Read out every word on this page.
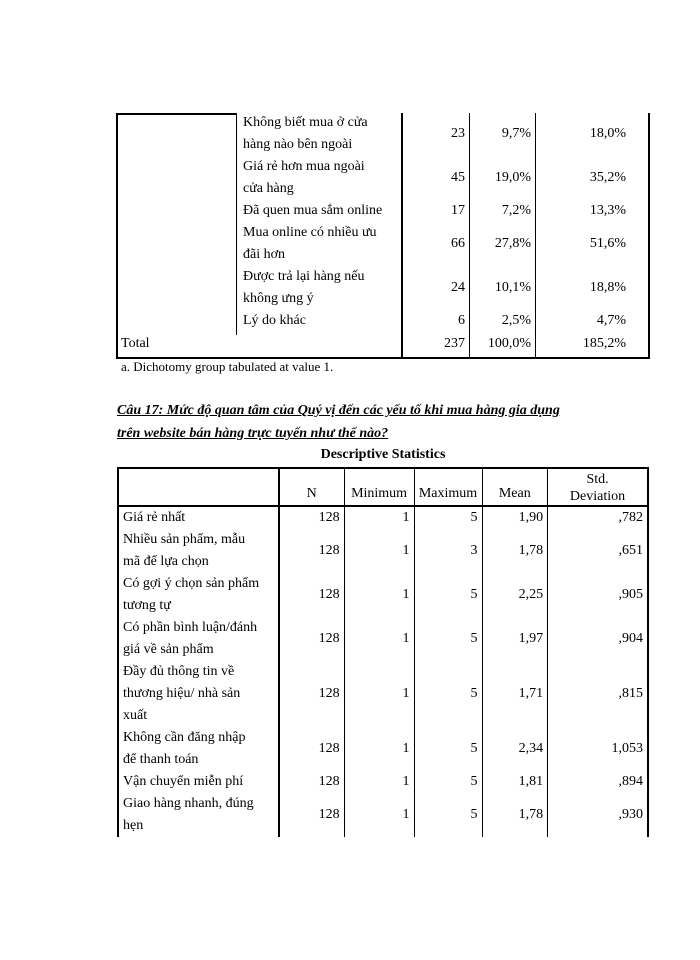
Không biết mua ở cửa
hàng nào bên ngoài
23	9,7%	18,0%
Giá rẻ hơn mua ngoài
cửa hàng
45	19,0%	35,2%
Đã quen mua sắm online	17	7,2%	13,3%
Mua online có nhiều ưu
đãi hơn
66	27,8%	51,6%
Được trả lại hàng nếu
không ưng ý
24	10,1%	18,8%
Lý do khác	6	2,5%	4,7%
Total	237	100,0%	185,2%
a. Dichotomy group tabulated at value 1.
Câu 17: Mức độ quan tâm của Quý vị đến các yếu tố khi mua hàng gia dụng
trên website bán hàng trực tuyến như thế nào?
Descriptive Statistics
	N	Minimum	Maximum	Mean	Std.
Deviation
Giá rẻ nhất	128	1	5	1,90	,782
Nhiều sản phẩm, mẫu
mã để lựa chọn	128	1	3	1,78	,651
Có gợi ý chọn sản phẩm
tương tự	128	1	5	2,25	,905
Có phần bình luận/đánh
giá về sản phẩm	128	1	5	1,97	,904
Đầy đủ thông tin về
thương hiệu/ nhà sản
xuất	128	1	5	1,71	,815
Không cần đăng nhập
để thanh toán	128	1	5	2,34	1,053
Vận chuyển miễn phí	128	1	5	1,81	,894
Giao hàng nhanh, đúng
hẹn	128	1	5	1,78	,930
